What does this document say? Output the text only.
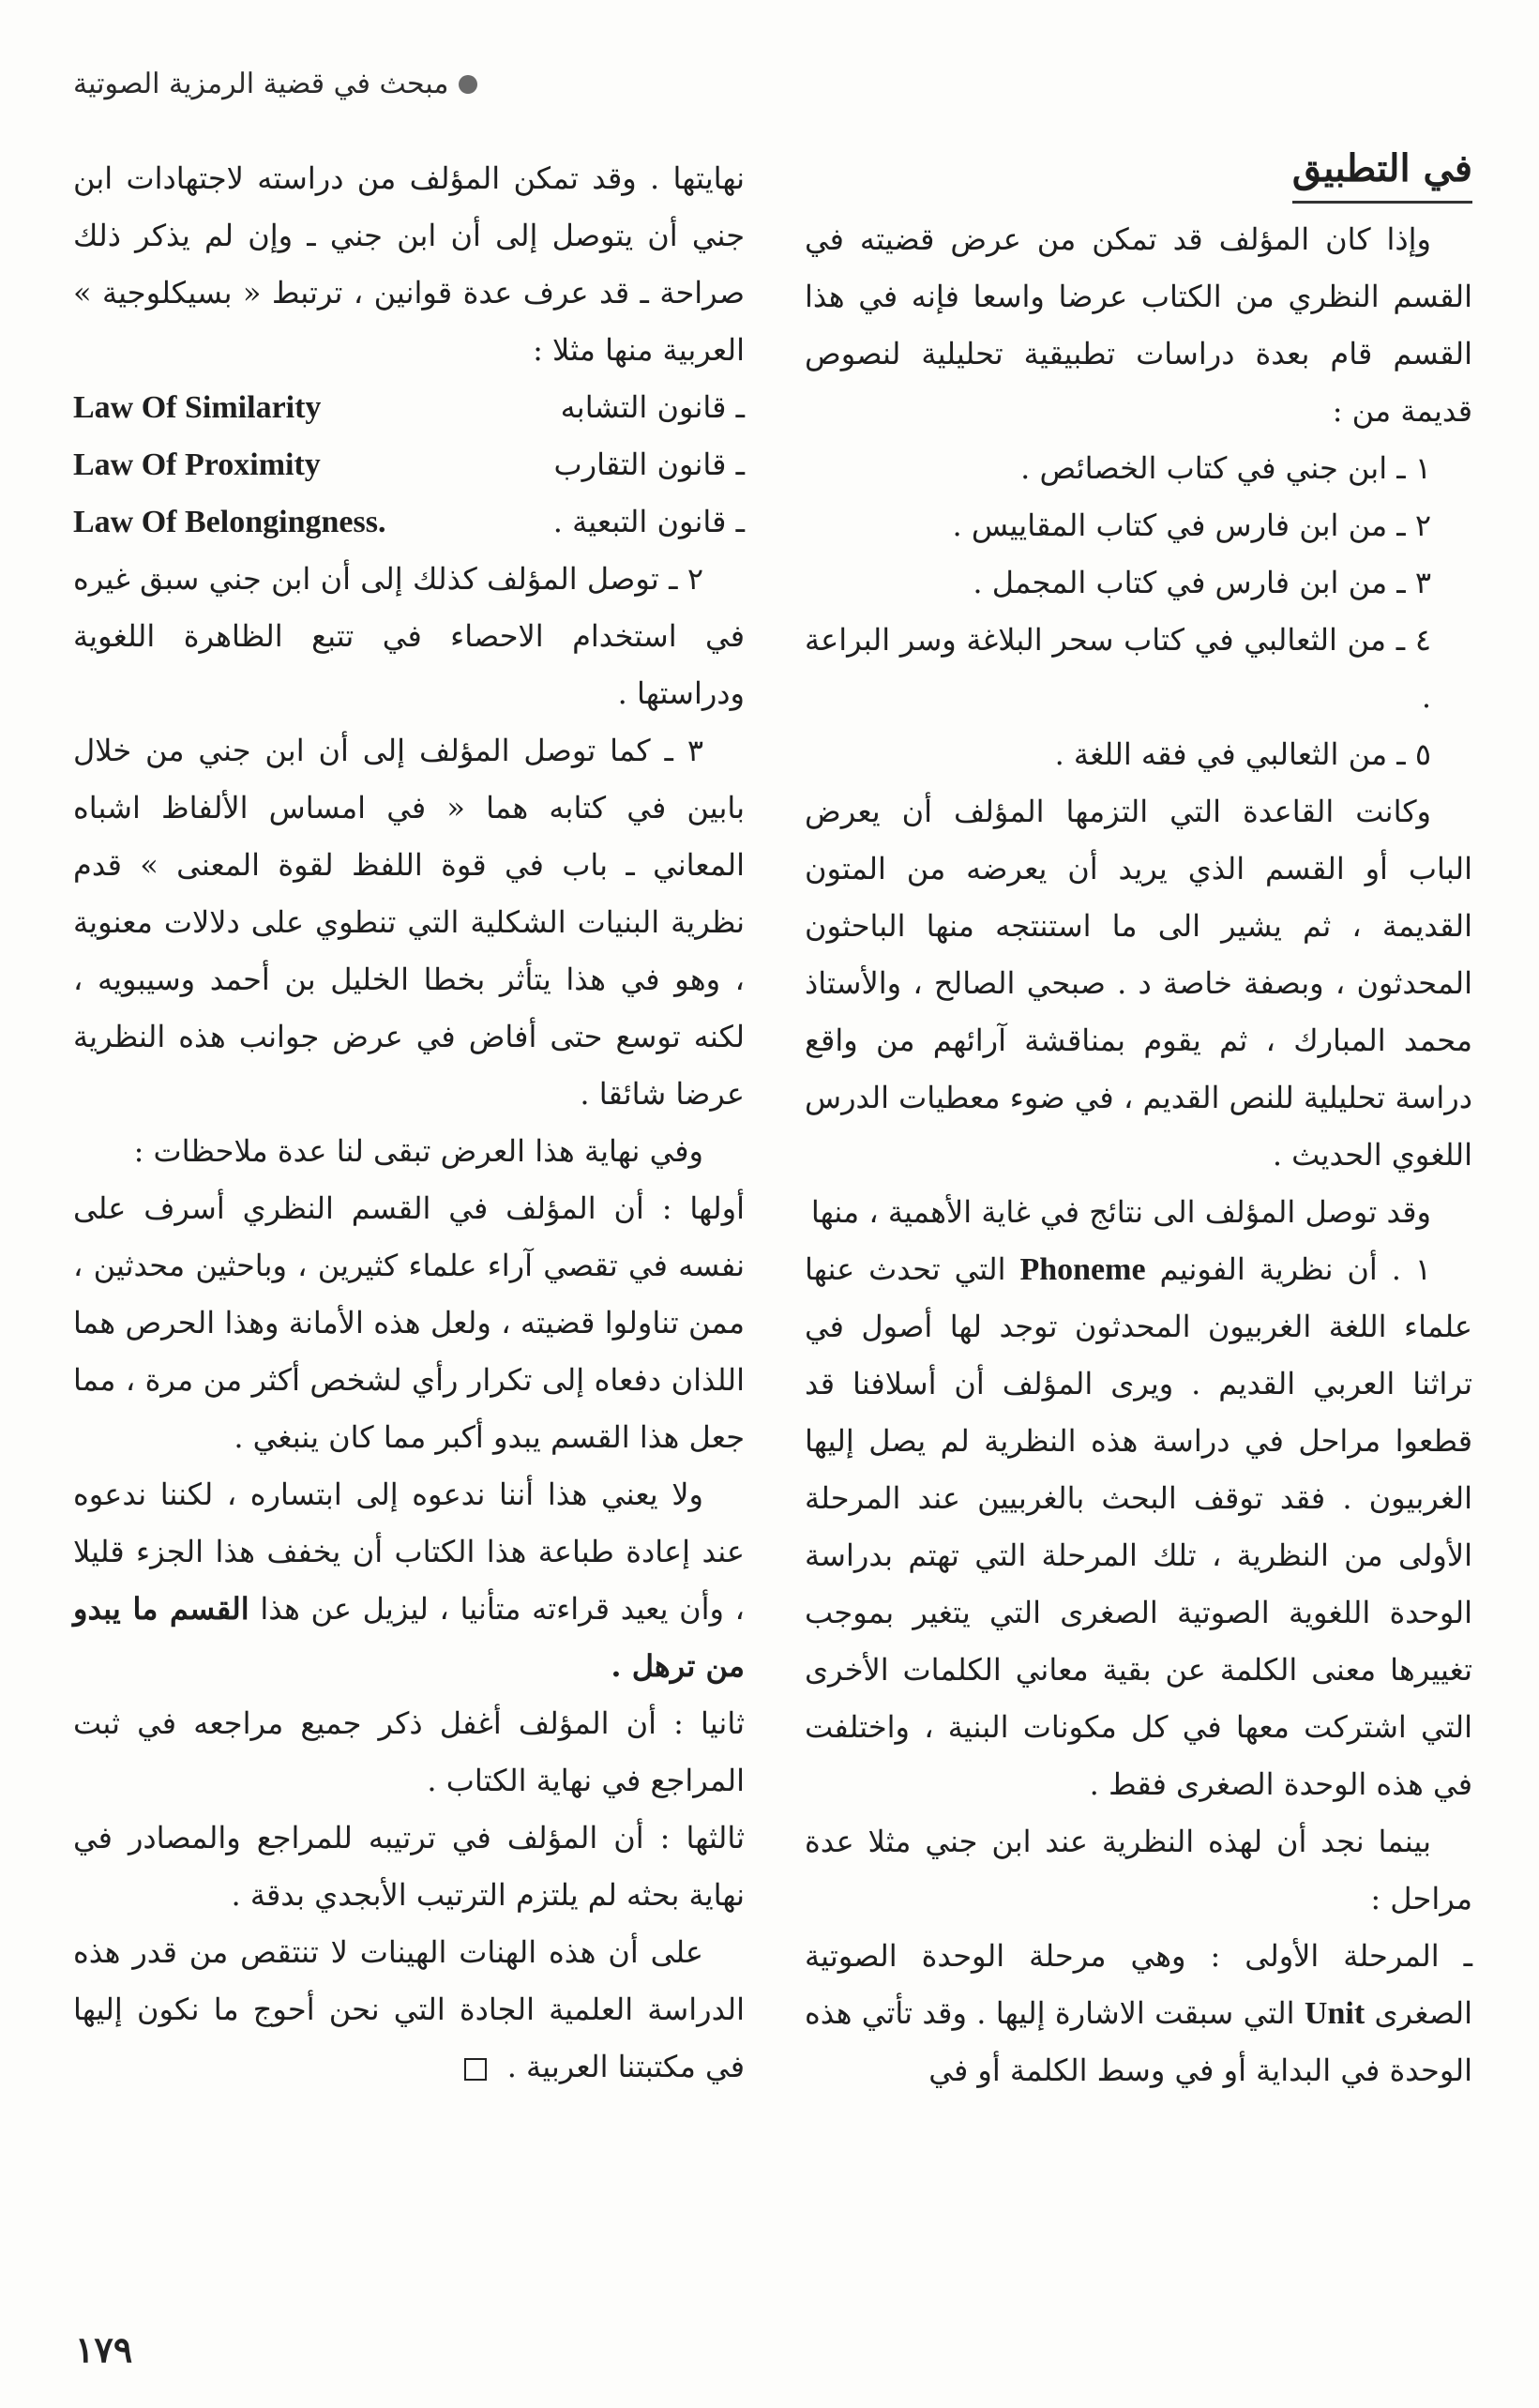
مبحث في قضية الرمزية الصوتية
في التطبيق

وإذا كان المؤلف قد تمكن من عرض قضيته في القسم النظري من الكتاب عرضا واسعا فإنه في هذا القسم قام بعدة دراسات تطبيقية تحليلية لنصوص قديمة من :

١ ـ ابن جني في كتاب الخصائص .

٢ ـ من ابن فارس في كتاب المقاييس .

٣ ـ من ابن فارس في كتاب المجمل .

٤ ـ من الثعالبي في كتاب سحر البلاغة وسر البراعة .

٥ ـ من الثعالبي في فقه اللغة .

وكانت القاعدة التي التزمها المؤلف أن يعرض الباب أو القسم الذي يريد أن يعرضه من المتون القديمة ، ثم يشير الى ما استنتجه منها الباحثون المحدثون ، وبصفة خاصة د . صبحي الصالح ، والأستاذ محمد المبارك ، ثم يقوم بمناقشة آرائهم من واقع دراسة تحليلية للنص القديم ، في ضوء معطيات الدرس اللغوي الحديث .

وقد توصل المؤلف الى نتائج في غاية الأهمية ، منها

١ . أن نظرية الفونيم Phoneme التي تحدث عنها علماء اللغة الغربيون المحدثون توجد لها أصول في تراثنا العربي القديم . ويرى المؤلف أن أسلافنا قد قطعوا مراحل في دراسة هذه النظرية لم يصل إليها الغربيون . فقد توقف البحث بالغربيين عند المرحلة الأولى من النظرية ، تلك المرحلة التي تهتم بدراسة الوحدة اللغوية الصوتية الصغرى التي يتغير بموجب تغييرها معنى الكلمة عن بقية معاني الكلمات الأخرى التي اشتركت معها في كل مكونات البنية ، واختلفت في هذه الوحدة الصغرى فقط .

بينما نجد أن لهذه النظرية عند ابن جني مثلا عدة مراحل :

ـ المرحلة الأولى : وهي مرحلة الوحدة الصوتية الصغرى Unit التي سبقت الاشارة إليها . وقد تأتي هذه الوحدة في البداية أو في وسط الكلمة أو في

نهايتها . وقد تمكن المؤلف من دراسته لاجتهادات ابن جني أن يتوصل إلى أن ابن جني ـ وإن لم يذكر ذلك صراحة ـ قد عرف عدة قوانين ، ترتبط « بسيكلوجية » العربية منها مثلا :

ـ قانون التشابه
Law Of Similarity
ـ قانون التقارب
Law Of Proximity
ـ قانون التبعية .
Law Of Belongingness.

٢ ـ توصل المؤلف كذلك إلى أن ابن جني سبق غيره في استخدام الاحصاء في تتبع الظاهرة اللغوية ودراستها .

٣ ـ كما توصل المؤلف إلى أن ابن جني من خلال بابين في كتابه هما « في امساس الألفاظ اشباه المعاني ـ باب في قوة اللفظ لقوة المعنى » قدم نظرية البنيات الشكلية التي تنطوي على دلالات معنوية ، وهو في هذا يتأثر بخطا الخليل بن أحمد وسيبويه ، لكنه توسع حتى أفاض في عرض جوانب هذه النظرية عرضا شائقا .

وفي نهاية هذا العرض تبقى لنا عدة ملاحظات :

أولها : أن المؤلف في القسم النظري أسرف على نفسه في تقصي آراء علماء كثيرين ، وباحثين محدثين ، ممن تناولوا قضيته ، ولعل هذه الأمانة وهذا الحرص هما اللذان دفعاه إلى تكرار رأي لشخص أكثر من مرة ، مما جعل هذا القسم يبدو أكبر مما كان ينبغي .

ولا يعني هذا أننا ندعوه إلى ابتساره ، لكننا ندعوه عند إعادة طباعة هذا الكتاب أن يخفف هذا الجزء قليلا ، وأن يعيد قراءته متأنيا ، ليزيل عن هذا القسم ما يبدو من ترهل .

ثانيا : أن المؤلف أغفل ذكر جميع مراجعه في ثبت المراجع في نهاية الكتاب .

ثالثها : أن المؤلف في ترتيبه للمراجع والمصادر في نهاية بحثه لم يلتزم الترتيب الأبجدي بدقة .

على أن هذه الهنات الهينات لا تنتقص من قدر هذه الدراسة العلمية الجادة التي نحن أحوج ما نكون إليها في مكتبتنا العربية .

١٧٩
